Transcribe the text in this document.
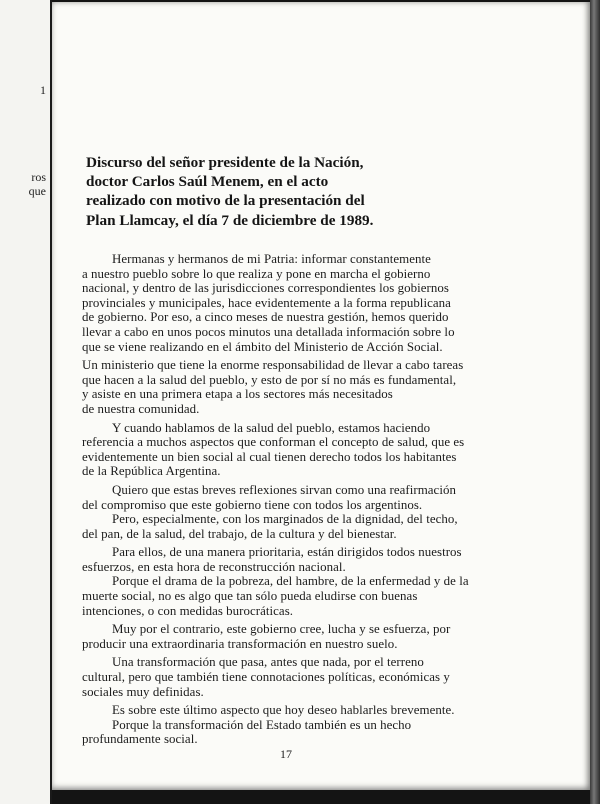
1
ros
que
Discurso del señor presidente de la Nación,
doctor Carlos Saúl Menem, en el acto
realizado con motivo de la presentación del
Plan Llamcay, el día 7 de diciembre de 1989.
Hermanas y hermanos de mi Patria: informar constantemente
a nuestro pueblo sobre lo que realiza y pone en marcha el gobierno
nacional, y dentro de las jurisdicciones correspondientes los gobiernos
provinciales y municipales, hace evidentemente a la forma republicana
de gobierno. Por eso, a cinco meses de nuestra gestión, hemos querido
llevar a cabo en unos pocos minutos una detallada información sobre lo
que se viene realizando en el ámbito del Ministerio de Acción Social.
Un ministerio que tiene la enorme responsabilidad de llevar a cabo tareas
que hacen a la salud del pueblo, y esto de por sí no más es fundamental,
y asiste en una primera etapa a los sectores más necesitados
de nuestra comunidad.
Y cuando hablamos de la salud del pueblo, estamos haciendo
referencia a muchos aspectos que conforman el concepto de salud, que es
evidentemente un bien social al cual tienen derecho todos los habitantes
de la República Argentina.
Quiero que estas breves reflexiones sirvan como una reafirmación
del compromiso que este gobierno tiene con todos los argentinos.
Pero, especialmente, con los marginados de la dignidad, del techo,
del pan, de la salud, del trabajo, de la cultura y del bienestar.
Para ellos, de una manera prioritaria, están dirigidos todos nuestros
esfuerzos, en esta hora de reconstrucción nacional.
Porque el drama de la pobreza, del hambre, de la enfermedad y de la
muerte social, no es algo que tan sólo pueda eludirse con buenas
intenciones, o con medidas burocráticas.
Muy por el contrario, este gobierno cree, lucha y se esfuerza, por
producir una extraordinaria transformación en nuestro suelo.
Una transformación que pasa, antes que nada, por el terreno
cultural, pero que también tiene connotaciones políticas, económicas y
sociales muy definidas.
Es sobre este último aspecto que hoy deseo hablarles brevemente.
Porque la transformación del Estado también es un hecho
profundamente social.
17
